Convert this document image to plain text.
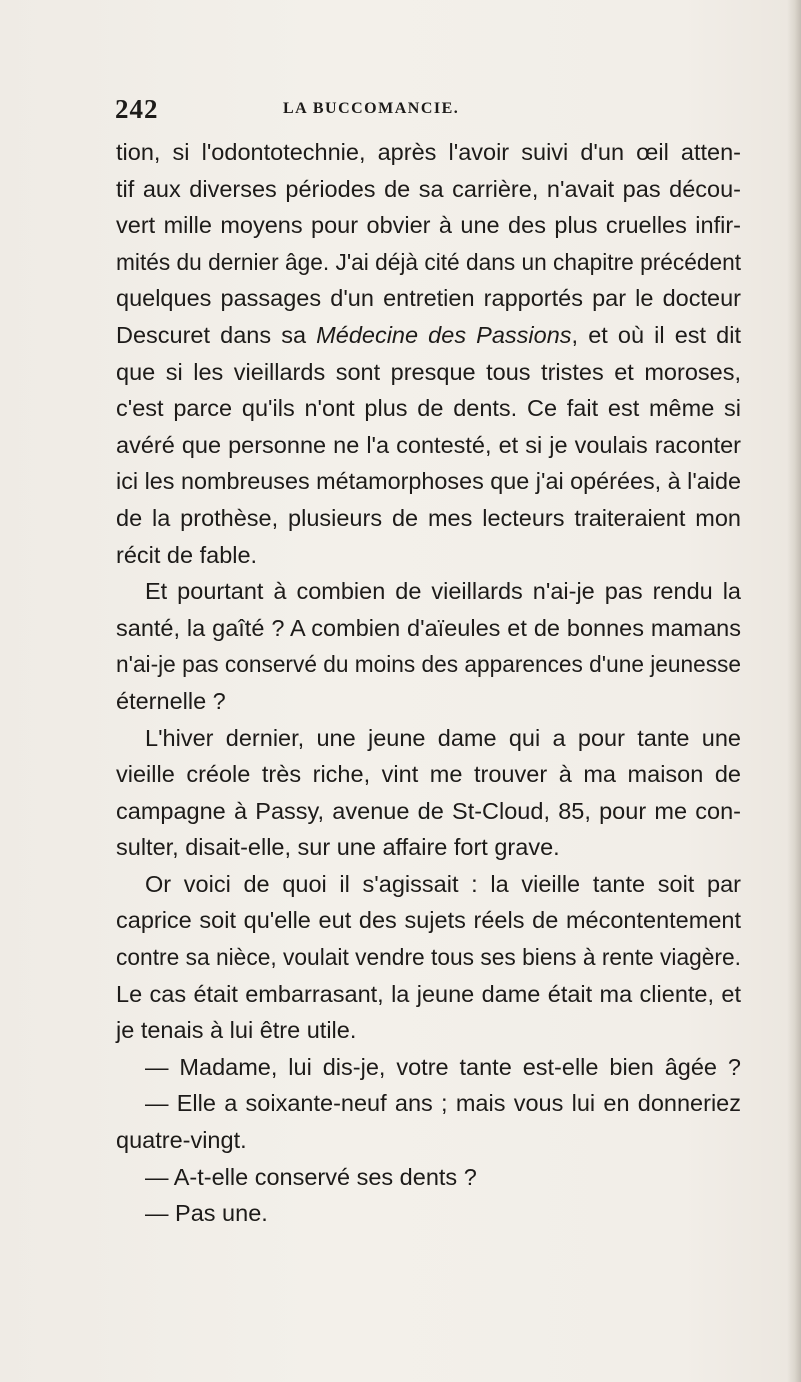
242	LA BUCCOMANCIE.
tion, si l'odontotechnie, après l'avoir suivi d'un œil atten-
tif aux diverses périodes de sa carrière, n'avait pas décou-
vert mille moyens pour obvier à une des plus cruelles infir-
mités du dernier âge. J'ai déjà cité dans un chapitre précédent
quelques passages d'un entretien rapportés par le docteur
Descuret dans sa Médecine des Passions, et où il est dit
que si les vieillards sont presque tous tristes et moroses,
c'est parce qu'ils n'ont plus de dents. Ce fait est même si
avéré que personne ne l'a contesté, et si je voulais raconter
ici les nombreuses métamorphoses que j'ai opérées, à l'aide
de la prothèse, plusieurs de mes lecteurs traiteraient mon
récit de fable.
Et pourtant à combien de vieillards n'ai-je pas rendu la
santé, la gaîté ? A combien d'aïeules et de bonnes mamans
n'ai-je pas conservé du moins des apparences d'une jeunesse
éternelle ?
L'hiver dernier, une jeune dame qui a pour tante une
vieille créole très riche, vint me trouver à ma maison de
campagne à Passy, avenue de St-Cloud, 85, pour me con-
sulter, disait-elle, sur une affaire fort grave.
Or voici de quoi il s'agissait : la vieille tante soit par
caprice soit qu'elle eut des sujets réels de mécontentement
contre sa nièce, voulait vendre tous ses biens à rente viagère.
Le cas était embarrasant, la jeune dame était ma cliente, et
je tenais à lui être utile.
— Madame, lui dis-je, votre tante est-elle bien âgée ?
— Elle a soixante-neuf ans ; mais vous lui en donneriez
quatre-vingt.
— A-t-elle conservé ses dents ?
— Pas une.
